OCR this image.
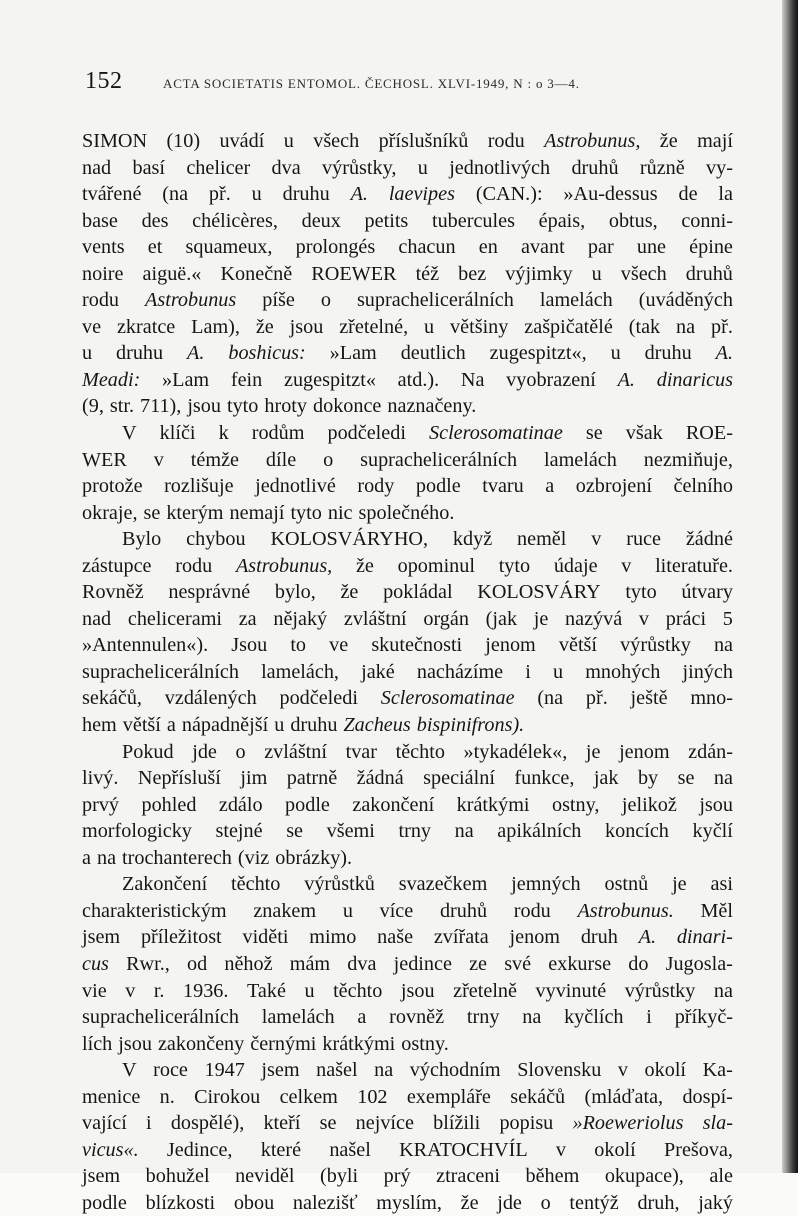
152	ACTA SOCIETATIS ENTOMOL. ČECHOSL. XLVI-1949, N : o 3—4.
SIMON (10) uvádí u všech příslušníků rodu Astrobunus, že mají
nad basí chelicer dva výrůstky, u jednotlivých druhů různě vy-
tvářené (na př. u druhu A. laevipes (CAN.): »Au-dessus de la
base des chélicères, deux petits tubercules épais, obtus, conni-
vents et squameux, prolongés chacun en avant par une épine
noire aiguë.« Konečně ROEWER též bez výjimky u všech druhů
rodu Astrobunus píše o suprachelicerálních lamelách (uváděných
ve zkratce Lam), že jsou zřetelné, u většiny zašpičatělé (tak na př.
u druhu A. boshicus: »Lam deutlich zugespitzt«, u druhu A.
Meadi: »Lam fein zugespitzt« atd.). Na vyobrazení A. dinaricus
(9, str. 711), jsou tyto hroty dokonce naznačeny.
V klíči k rodům podčeledi Sclerosomatinae se však ROE-
WER v témže díle o suprachelicerálních lamelách nezmiňuje,
protože rozlišuje jednotlivé rody podle tvaru a ozbrojení čelního
okraje, se kterým nemají tyto nic společného.
Bylo chybou KOLOSVÁRYHO, když neměl v ruce žádné
zástupce rodu Astrobunus, že opominul tyto údaje v literatuře.
Rovněž nesprávné bylo, že pokládal KOLOSVÁRY tyto útvary
nad chelicerami za nějaký zvláštní orgán (jak je nazývá v práci 5
»Antennulen«). Jsou to ve skutečnosti jenom větší výrůstky na
suprachelicerálních lamelách, jaké nacházíme i u mnohých jiných
sekáčů, vzdálených podčeledi Sclerosomatinae (na př. ještě mno-
hem větší a nápadnější u druhu Zacheus bispinifrons).
Pokud jde o zvláštní tvar těchto »tykadélek«, je jenom zdán-
livý. Nepřísluší jim patrně žádná speciální funkce, jak by se na
prvý pohled zdálo podle zakončení krátkými ostny, jelikož jsou
morfologicky stejné se všemi trny na apikálních koncích kyčlí
a na trochanterech (viz obrázky).
Zakončení těchto výrůstků svazečkem jemných ostnů je asi
charakteristickým znakem u více druhů rodu Astrobunus. Měl
jsem příležitost viděti mimo naše zvířata jenom druh A. dinari-
cus Rwr., od něhož mám dva jedince ze své exkurse do Jugosla-
vie v r. 1936. Také u těchto jsou zřetelně vyvinuté výrůstky na
suprachelicerálních lamelách a rovněž trny na kyčlích i příkyč-
lích jsou zakončeny černými krátkými ostny.
V roce 1947 jsem našel na východním Slovensku v okolí Ka-
menice n. Cirokou celkem 102 exempláře sekáčů (mláďata, dospí-
vající i dospělé), kteří se nejvíce blížili popisu »Roeweriolus sla-
vicus«. Jedince, které našel KRATOCHVÍL v okolí Prešova,
jsem bohužel neviděl (byli prý ztraceni během okupace), ale
podle blízkosti obou nalezišť myslím, že jde o tentýž druh, jaký
